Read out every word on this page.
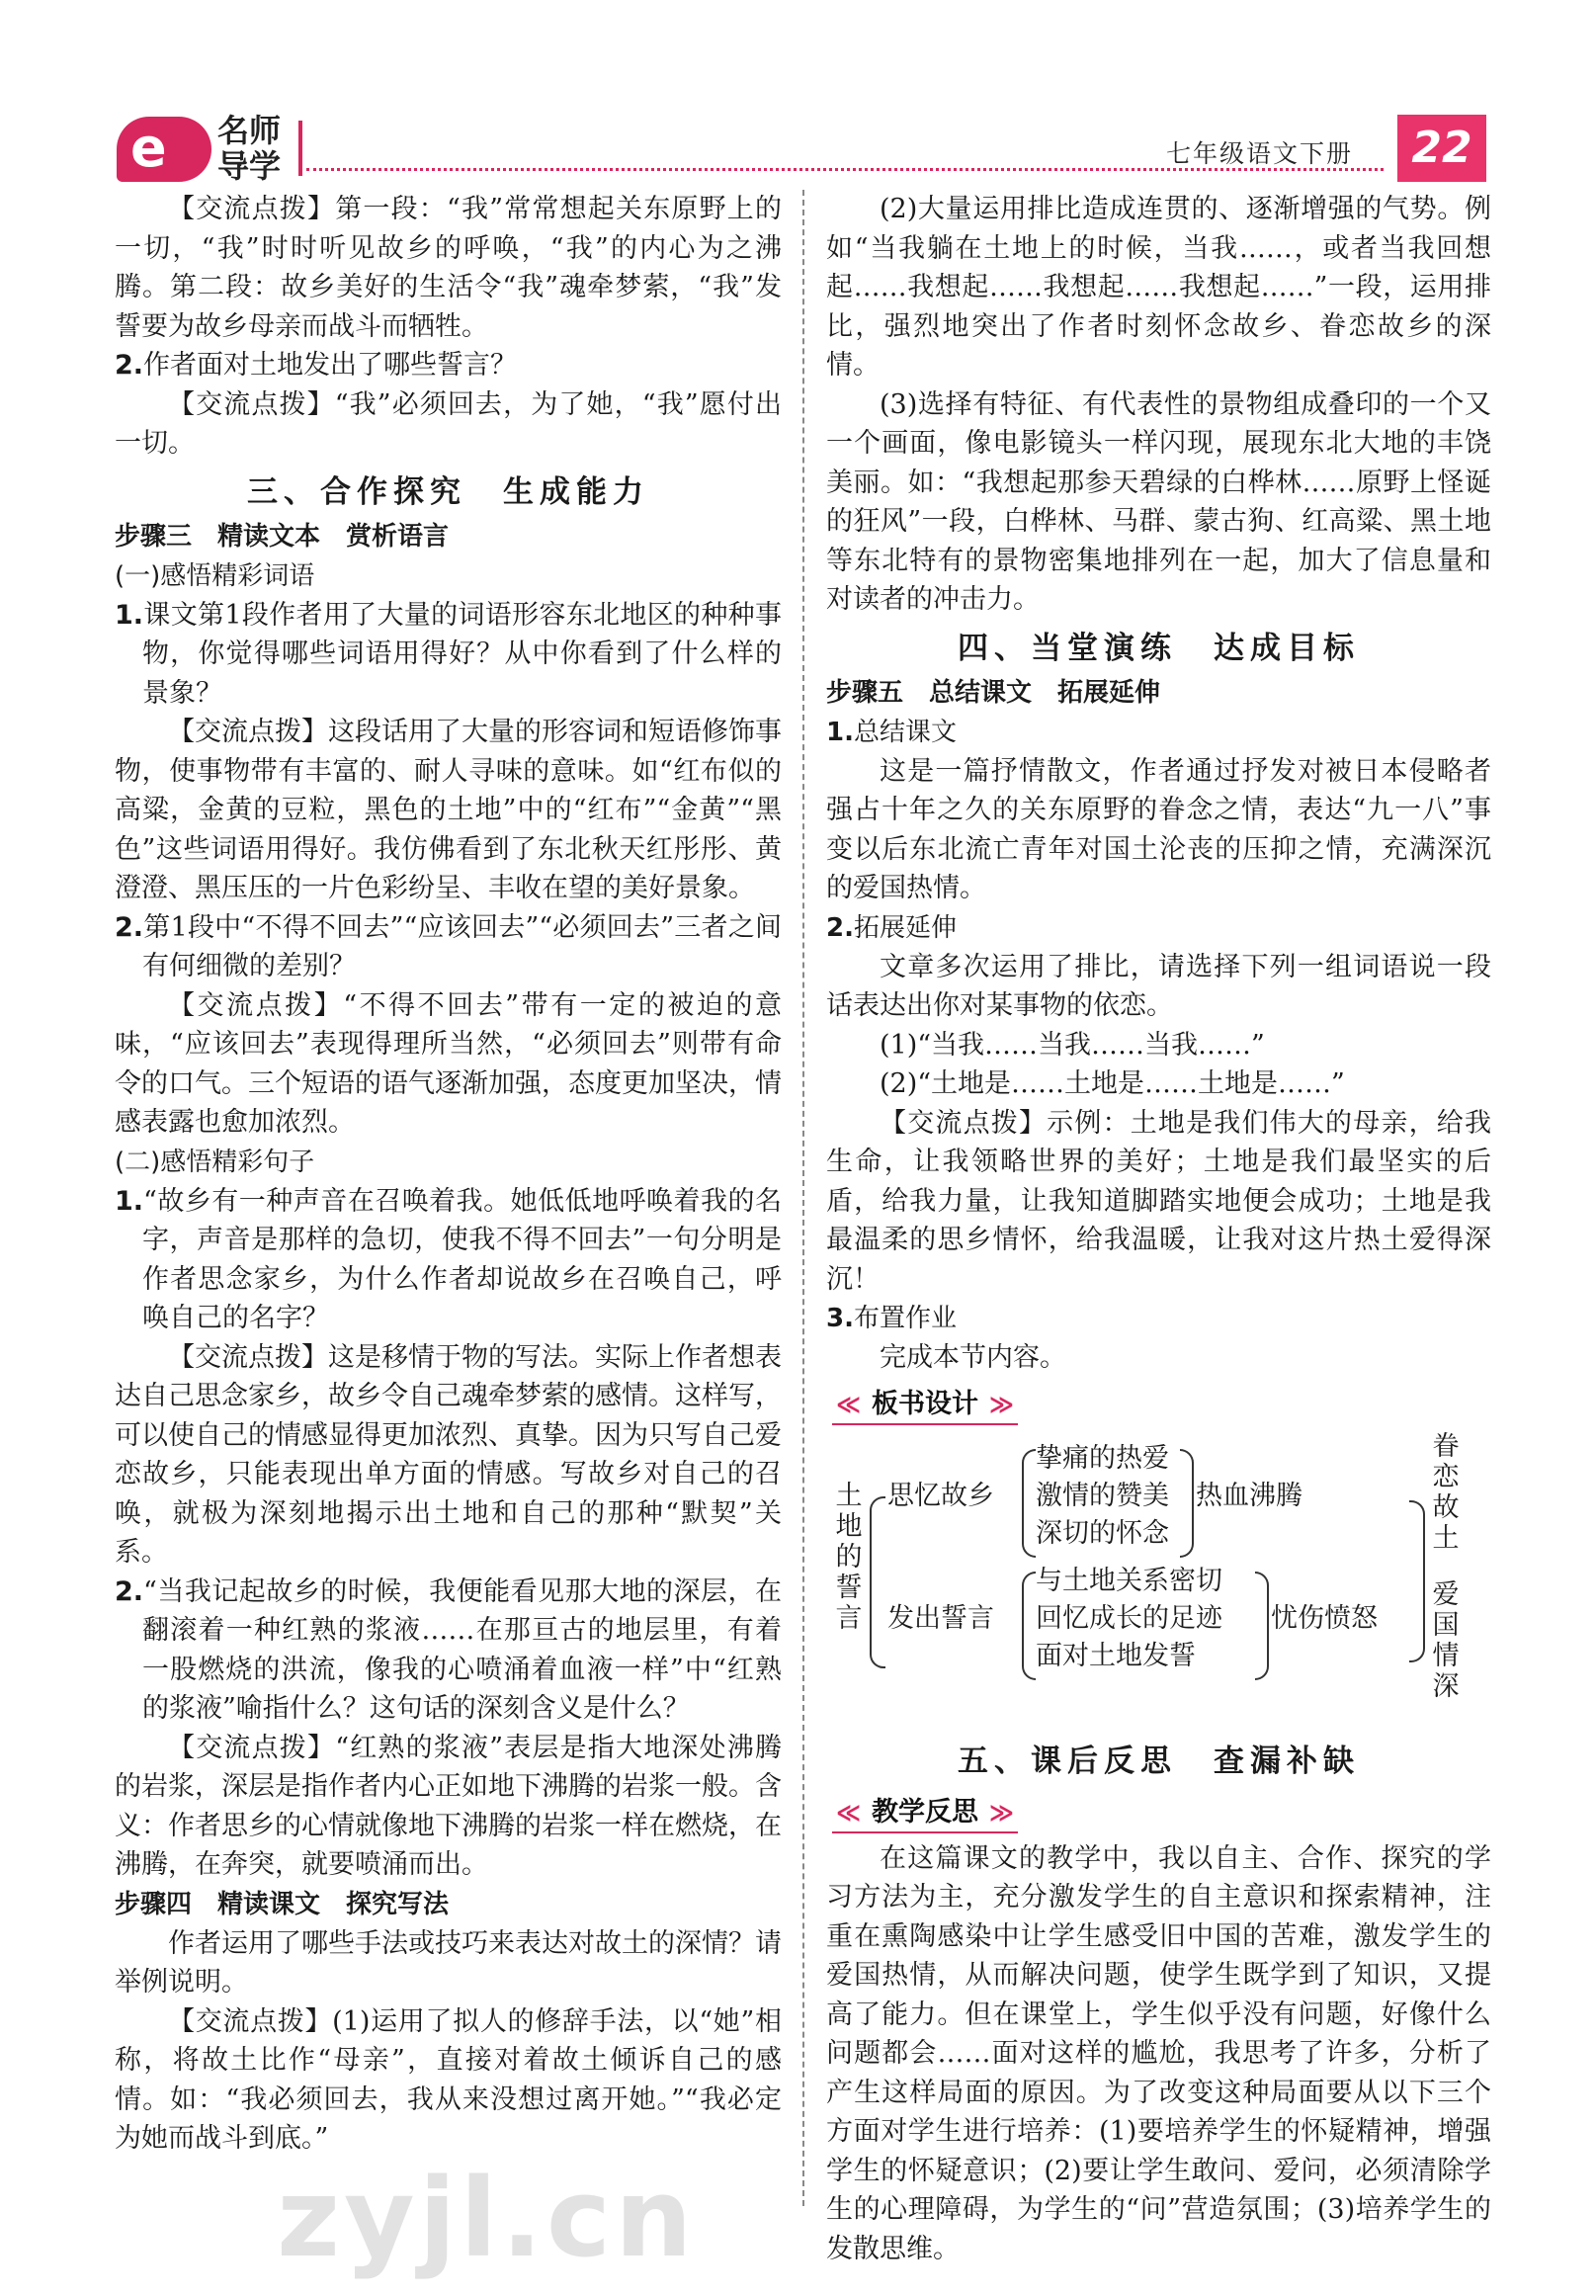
e 名师导学	七年级语文下册	22

【交流点拨】第一段：“我”常常想起关东原野上的一切，“我”时时听见故乡的呼唤，“我”的内心为之沸腾。第二段：故乡美好的生活令“我”魂牵梦萦，“我”发誓要为故乡母亲而战斗而牺牲。

2.作者面对土地发出了哪些誓言？

【交流点拨】“我”必须回去，为了她，“我”愿付出一切。

三、合作探究　生成能力
步骤三　精读文本　赏析语言
(一)感悟精彩词语

1.课文第1段作者用了大量的词语形容东北地区的种种事物，你觉得哪些词语用得好？从中你看到了什么样的景象？

【交流点拨】这段话用了大量的形容词和短语修饰事物，使事物带有丰富的、耐人寻味的意味。如“红布似的高粱，金黄的豆粒，黑色的土地”中的“红布”“金黄”“黑色”这些词语用得好。我仿佛看到了东北秋天红彤彤、黄澄澄、黑压压的一片色彩纷呈、丰收在望的美好景象。

2.第1段中“不得不回去”“应该回去”“必须回去”三者之间有何细微的差别？

【交流点拨】“不得不回去”带有一定的被迫的意味，“应该回去”表现得理所当然，“必须回去”则带有命令的口气。三个短语的语气逐渐加强，态度更加坚决，情感表露也愈加浓烈。

(二)感悟精彩句子

1.“故乡有一种声音在召唤着我。她低低地呼唤着我的名字，声音是那样的急切，使我不得不回去”一句分明是作者思念家乡，为什么作者却说故乡在召唤自己，呼唤自己的名字？

【交流点拨】这是移情于物的写法。实际上作者想表达自己思念家乡，故乡令自己魂牵梦萦的感情。这样写，可以使自己的情感显得更加浓烈、真挚。因为只写自己爱恋故乡，只能表现出单方面的情感。写故乡对自己的召唤，就极为深刻地揭示出土地和自己的那种“默契”关系。

2.“当我记起故乡的时候，我便能看见那大地的深层，在翻滚着一种红熟的浆液……在那亘古的地层里，有着一股燃烧的洪流，像我的心喷涌着血液一样”中“红熟的浆液”喻指什么？这句话的深刻含义是什么？

【交流点拨】“红熟的浆液”表层是指大地深处沸腾的岩浆，深层是指作者内心正如地下沸腾的岩浆一般。含义：作者思乡的心情就像地下沸腾的岩浆一样在燃烧，在沸腾，在奔突，就要喷涌而出。

步骤四　精读课文　探究写法

作者运用了哪些手法或技巧来表达对故土的深情？请举例说明。

【交流点拨】(1)运用了拟人的修辞手法，以“她”相称，将故土比作“母亲”，直接对着故土倾诉自己的感情。如：“我必须回去，我从来没想过离开她。”“我必定为她而战斗到底。”

(2)大量运用排比造成连贯的、逐渐增强的气势。例如“当我躺在土地上的时候，当我……，或者当我回想起……我想起……我想起……我想起……”一段，运用排比，强烈地突出了作者时刻怀念故乡、眷恋故乡的深情。

(3)选择有特征、有代表性的景物组成叠印的一个又一个画面，像电影镜头一样闪现，展现东北大地的丰饶美丽。如：“我想起那参天碧绿的白桦林……原野上怪诞的狂风”一段，白桦林、马群、蒙古狗、红高粱、黑土地等东北特有的景物密集地排列在一起，加大了信息量和对读者的冲击力。

四、当堂演练　达成目标
步骤五　总结课文　拓展延伸

1.总结课文

这是一篇抒情散文，作者通过抒发对被日本侵略者强占十年之久的关东原野的眷念之情，表达“九一八”事变以后东北流亡青年对国土沦丧的压抑之情，充满深沉的爱国热情。

2.拓展延伸

文章多次运用了排比，请选择下列一组词语说一段话表达出你对某事物的依恋。

(1)“当我……当我……当我……”

(2)“土地是……土地是……土地是……”

【交流点拨】示例：土地是我们伟大的母亲，给我生命，让我领略世界的美好；土地是我们最坚实的后盾，给我力量，让我知道脚踏实地便会成功；土地是我最温柔的思乡情怀，给我温暖，让我对这片热土爱得深沉！

3.布置作业

完成本节内容。

≪ 板书设计 ≫
土地的誓言
思忆故乡
挚痛的热爱
激情的赞美
深切的怀念
热血沸腾
发出誓言
与土地关系密切
回忆成长的足迹
面对土地发誓
忧伤愤怒
眷恋故土
爱国情深
五、课后反思　查漏补缺
≪ 教学反思 ≫

在这篇课文的教学中，我以自主、合作、探究的学习方法为主，充分激发学生的自主意识和探索精神，注重在熏陶感染中让学生感受旧中国的苦难，激发学生的爱国热情，从而解决问题，使学生既学到了知识，又提高了能力。但在课堂上，学生似乎没有问题，好像什么问题都会……面对这样的尴尬，我思考了许多，分析了产生这样局面的原因。为了改变这种局面要从以下三个方面对学生进行培养：(1)要培养学生的怀疑精神，增强学生的怀疑意识；(2)要让学生敢问、爱问，必须清除学生的心理障碍，为学生的“问”营造氛围；(3)培养学生的发散思维。

zyjl.cn
